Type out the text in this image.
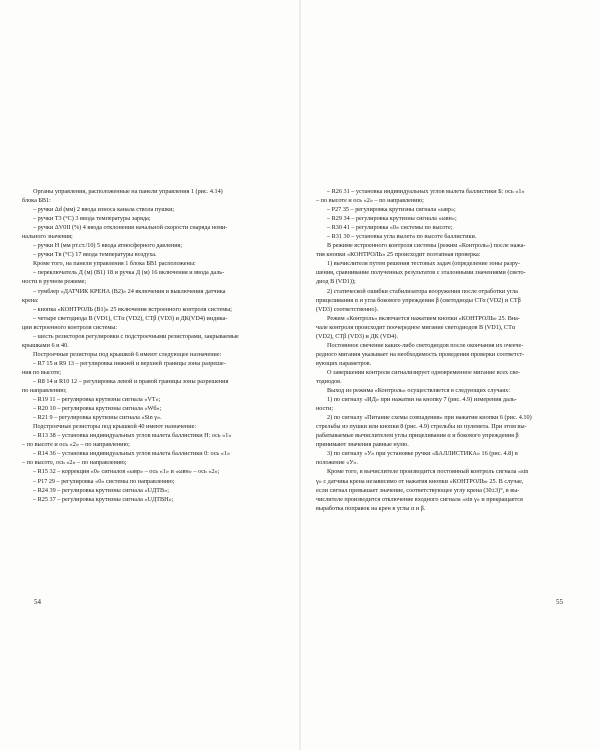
Органы управления, расположенные на панели управления 1 (рис. 4.14)

блока БВ1:

– ручки Δd (мм) 2 ввода износа канала ствола пушки;

– ручки T3 (°C) 3 ввода температуры заряда;

– ручки ΔV0II (%) 4 ввода отклонения начальной скорости снаряда номи-

нального значения;

– ручки H (мм рт.ст./10) 5 ввода атмосферного давления;

– ручки Tв (°C) 17 ввода температуры воздуха.

Кроме того, на панели управления 1 блока БВ1 расположены:

– переключатель Д (м) (В1) 18 и ручка Д (м) 16 включения и ввода даль-

ности в ручном режиме;

– тумблер «ДАТЧИК КРЕНА (В2)» 24 включения и выключения датчика

крена:

– кнопка «КОНТРОЛЬ (В1)» 25 включения встроенного контроля системы;

– четыре светодиода В (VD1), CTα (VD2), CTβ (VD3) и ДК(VD4) индика-

ции встроенного контроля системы:

– шесть резисторов регулировки с подстроечными резисторами, закрываемые

крышками 6 и 40.

Построечные резисторы под крышкой 6 имеют следующее назначение:

– R7 15 и R9 13 – регулировка нижней и верхней границы зоны разреше-

ния по высоте;

– R8 14 и R10 12 – регулировка левой и правой границы зоны разрешения

по направлению;

– R19 11 – регулировка крутизны сигнала «VT»;

– R20 10 – регулировка крутизны сигнала «Wб»;

– R21 9 – регулировка крутизны сигнала «Sin γ».

Подстроечные резисторы под крышкой 40 имеют назначение:

– R13 38 – установка индивидуальных углов вылета баллистики Н: ось «1»

– по высоте и ось «2» – по направлению;

– R14 36 – установка индивидуальных углов вылета баллистики 0: ось «1»

– по высоте, ось «2» – по направлению;

– R15 32 – коррекция «0» сигналов «ωвр» – ось «1» и «ωвн» – ось «2»;

– P17 29 – регулировка «0» системы по направлению;

– R24 39 – регулировка крутизны сигнала «UДТВ»;

– R25 37 – регулировка крутизны сигнала «UДТВН»;

54

– R26 31 – установка индивидуальных углов вылета баллистики Б: ось «1»

– по высоте и ось «2» – по направлению;

– P27 35 – регулировка крутизны сигнала «ωвр»;

– R29 34 – регулировка крутизны сигнала «ωвн»;

– R30 41 – регулировка «0» системы по высоте;

– R31 30 – установка угла вылета по высоте баллистики.

В режиме встроенного контроля системы (режим «Контроль») после нажа-

тия кнопки «КОНТРОЛЬ» 25 происходит поэтапная проверка:

1) вычислителя путем решения тестовых задач (определение зоны разру-

шения, сравнивание полученных результатов с эталонными значениями (свето-

диод В (VD1));

2) статической ошибки стабилизатора вооружения после отработки угла

прицеливания α и угла бокового упреждения β (светодиоды CTα (VD2) и CTβ

(VD3) соответственно).

Режим «Контроль» включается нажатием кнопки «КОНТРОЛЬ» 25. Вна-

чале контроля происходит поочередное мигание светодиодов В (VD1), CTα

(VD2), CTβ (VD3) и ДК (VD4).

Постоянное свечение каких-либо светодиодов после окончания их очеече-

редного мигания указывает на необходимость проведения проверки соответст-

вующих параметров.

О завершении контроля сигнализирует одновременное мигание всех све-

тодиодов.

Выход из режима «Контроль» осуществляется в следующих случаях:

1) по сигналу «ИД» при нажатии на кнопку 7 (рис. 4.9) измерения даль-

ности;

2) по сигналу «Питание схемы совпадения» при нажатии кнопки 6 (рис. 4.10)

стрельбы из пушки или кнопки 8 (рис. 4.9) стрельбы из пулемета. При этом вы-

рабатываемые вычислителем углы прицеливания α и бокового упреждения β

принимают значения равные нулю.

3) по сигналу «У» при установке ручки «БАЛЛИСТИКА» 16 (рис. 4.8) в

положение «У».

Кроме того, в вычислителе производится постоянный контроль сигнала «sin

γ» с датчика крена независимо от нажатия кнопки «КОНТРОЛЬ» 25. В случае,

если сигнал превышает значение, соответствующее углу крена (30±3)°, в вы-

числителе производится отключение входного сигнала «sin γ» и прекращается

выработка поправок на крен в углы α и β.

55
